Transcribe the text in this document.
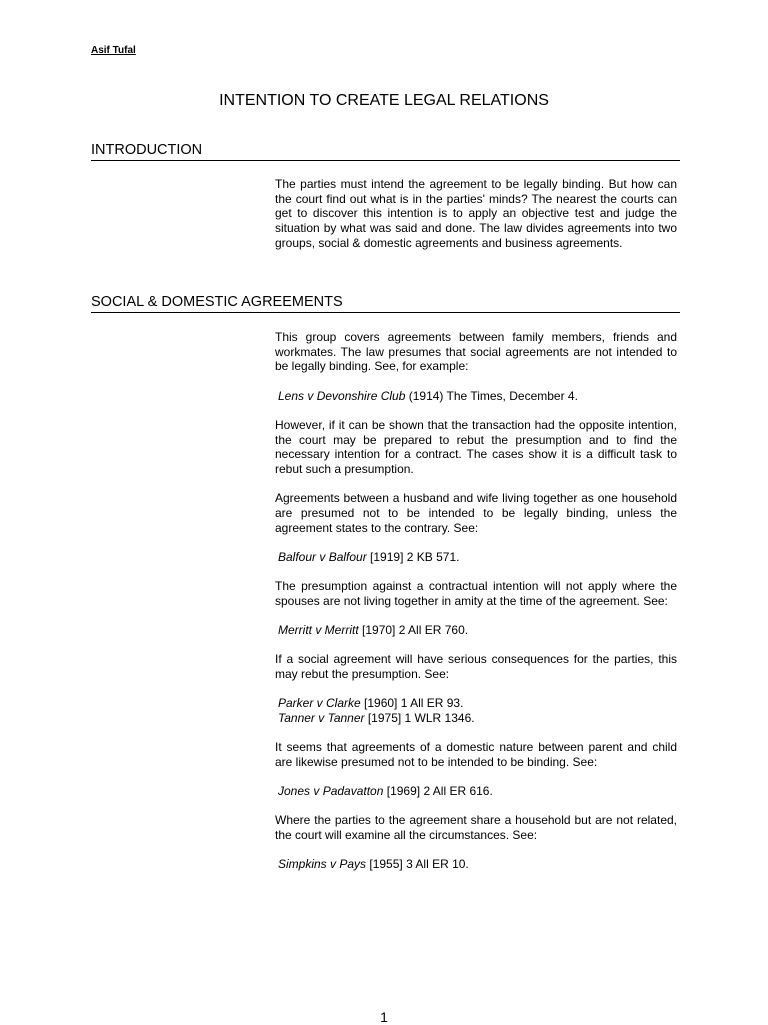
Asif Tufal
INTENTION TO CREATE LEGAL RELATIONS
INTRODUCTION

The parties must intend the agreement to be legally binding. But how can the court find out what is in the parties' minds? The nearest the courts can get to discover this intention is to apply an objective test and judge the situation by what was said and done. The law divides agreements into two groups, social & domestic agreements and business agreements.

SOCIAL & DOMESTIC AGREEMENTS

This group covers agreements between family members, friends and workmates. The law presumes that social agreements are not intended to be legally binding. See, for example:

Lens v Devonshire Club (1914) The Times, December 4.

However, if it can be shown that the transaction had the opposite intention, the court may be prepared to rebut the presumption and to find the necessary intention for a contract. The cases show it is a difficult task to rebut such a presumption.

Agreements between a husband and wife living together as one household are presumed not to be intended to be legally binding, unless the agreement states to the contrary. See:

Balfour v Balfour [1919] 2 KB 571.

The presumption against a contractual intention will not apply where the spouses are not living together in amity at the time of the agreement. See:

Merritt v Merritt [1970] 2 All ER 760.

If a social agreement will have serious consequences for the parties, this may rebut the presumption. See:

Parker v Clarke [1960] 1 All ER 93.

Tanner v Tanner [1975] 1 WLR 1346.

It seems that agreements of a domestic nature between parent and child are likewise presumed not to be intended to be binding. See:

Jones v Padavatton [1969] 2 All ER 616.

Where the parties to the agreement share a household but are not related, the court will examine all the circumstances. See:

Simpkins v Pays [1955] 3 All ER 10.

1
